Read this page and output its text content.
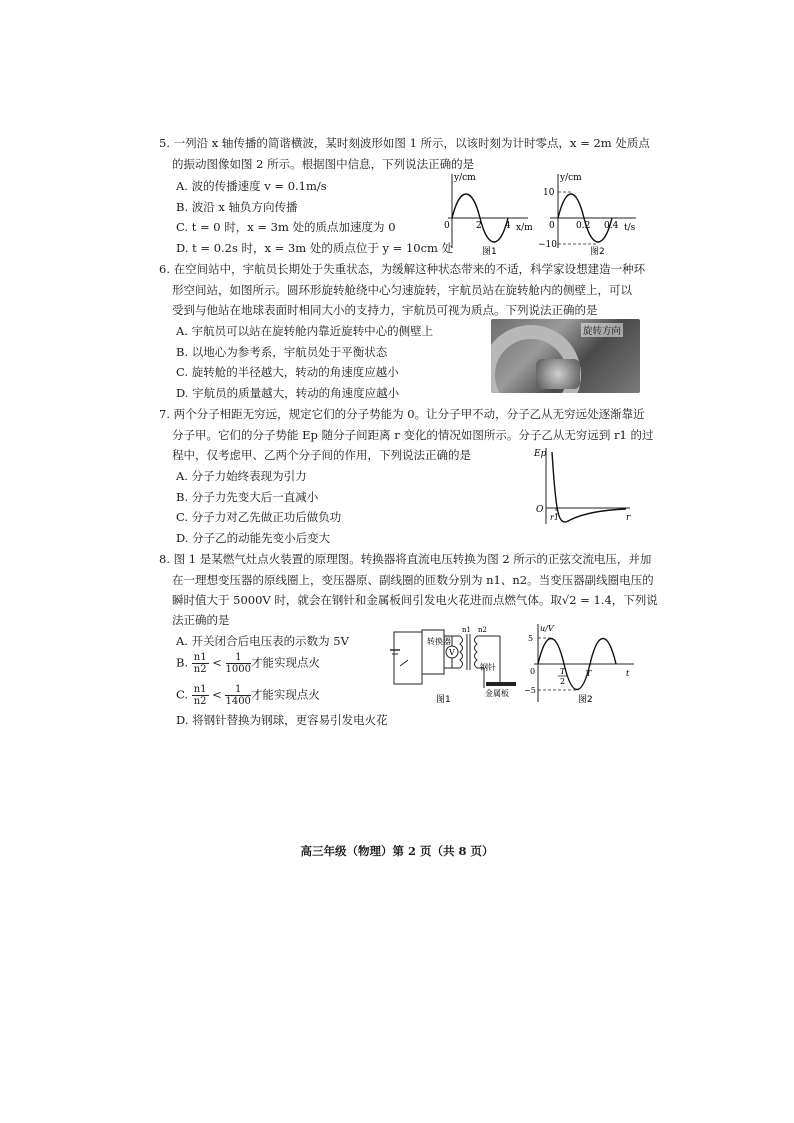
5. 一列沿 x 轴传播的简谐横波，某时刻波形如图 1 所示，以该时刻为计时零点，x = 2m 处质点
的振动图像如图 2 所示。根据图中信息，下列说法正确的是
A. 波的传播速度 v = 0.1m/s
B. 波沿 x 轴负方向传播
C. t = 0 时，x = 3m 处的质点加速度为 0
D. t = 0.2s 时，x = 3m 处的质点位于 y = 10cm 处
y/cm
x/m
0	2	4
图1
y/cm
t/s
0
10
−10
0.2 0.4
图2
6. 在空间站中，宇航员长期处于失重状态，为缓解这种状态带来的不适，科学家设想建造一种环
形空间站，如图所示。圆环形旋转舱绕中心匀速旋转，宇航员站在旋转舱内的侧壁上，可以
受到与他站在地球表面时相同大小的支持力，宇航员可视为质点。下列说法正确的是
A. 宇航员可以站在旋转舱内靠近旋转中心的侧壁上
B. 以地心为参考系，宇航员处于平衡状态
C. 旋转舱的半径越大，转动的角速度应越小
D. 宇航员的质量越大，转动的角速度应越小
旋转方向
7. 两个分子相距无穷远，规定它们的分子势能为 0。让分子甲不动，分子乙从无穷远处逐渐靠近
分子甲。它们的分子势能 Ep 随分子间距离 r 变化的情况如图所示。分子乙从无穷远到 r1 的过
程中，仅考虑甲、乙两个分子间的作用，下列说法正确的是
A. 分子力始终表现为引力
B. 分子力先变大后一直减小
C. 分子力对乙先做正功后做负功
D. 分子乙的动能先变小后变大
Ep
r
O
r1
8. 图 1 是某燃气灶点火装置的原理图。转换器将直流电压转换为图 2 所示的正弦交流电压，并加
在一理想变压器的原线圈上，变压器原、副线圈的匝数分别为 n1、n2。当变压器副线圈电压的
瞬时值大于 5000V 时，就会在钢针和金属板间引发电火花进而点燃气体。取√2 = 1.4，下列说
法正确的是
A. 开关闭合后电压表的示数为 5V
B. $\frac{n1}{n2} < \frac{1}{1000}$ 才能实现点火
C. $\frac{n1}{n2} < \frac{1}{1400}$ 才能实现点火
D. 将钢针替换为钢球，更容易引发电火花
转换器
V
n1 n2
钢针
金属板
图1
u/V
t
0
5
−5
T
2
T
图2
高三年级（物理）第 2 页（共 8 页）
